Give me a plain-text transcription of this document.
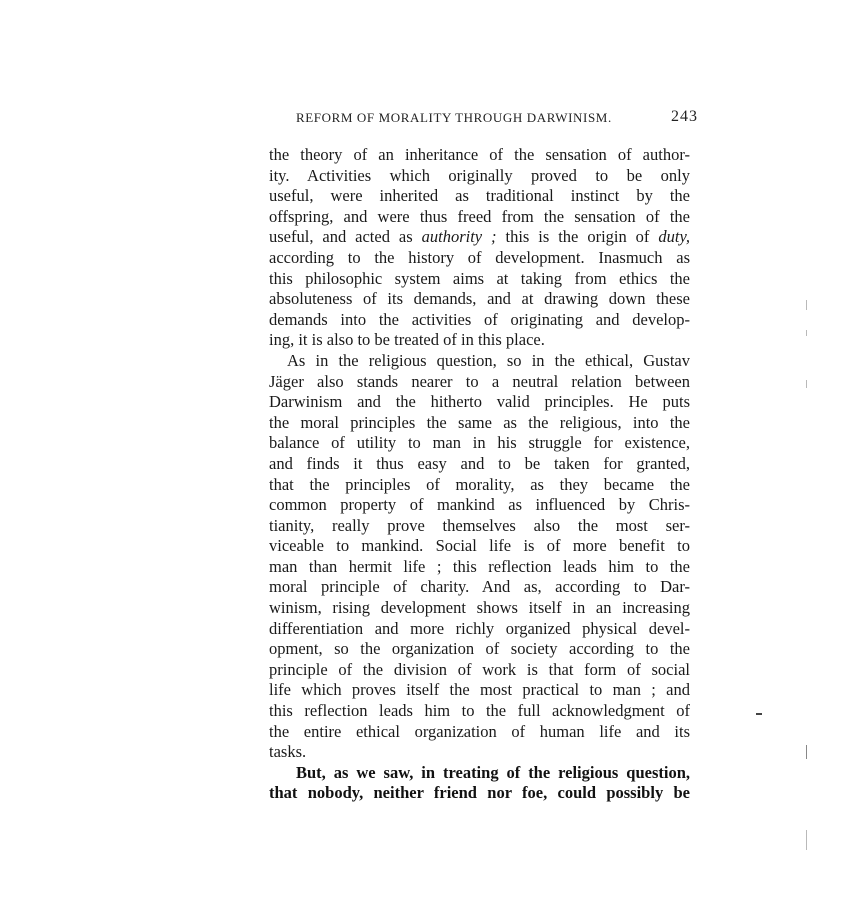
REFORM OF MORALITY THROUGH DARWINISM.	243
the theory of an inheritance of the sensation of author-
ity. Activities which originally proved to be only
useful, were inherited as traditional instinct by the
offspring, and were thus freed from the sensation of the
useful, and acted as authority ; this is the origin of duty,
according to the history of development. Inasmuch as
this philosophic system aims at taking from ethics the
absoluteness of its demands, and at drawing down these
demands into the activities of originating and develop-
ing, it is also to be treated of in this place.
As in the religious question, so in the ethical, Gustav
Jäger also stands nearer to a neutral relation between
Darwinism and the hitherto valid principles. He puts
the moral principles the same as the religious, into the
balance of utility to man in his struggle for existence,
and finds it thus easy and to be taken for granted,
that the principles of morality, as they became the
common property of mankind as influenced by Chris-
tianity, really prove themselves also the most ser-
viceable to mankind. Social life is of more benefit to
man than hermit life ; this reflection leads him to the
moral principle of charity. And as, according to Dar-
winism, rising development shows itself in an increasing
differentiation and more richly organized physical devel-
opment, so the organization of society according to the
principle of the division of work is that form of social
life which proves itself the most practical to man ; and
this reflection leads him to the full acknowledgment of
the entire ethical organization of human life and its
tasks.
But, as we saw, in treating of the religious question,
that nobody, neither friend nor foe, could possibly be
